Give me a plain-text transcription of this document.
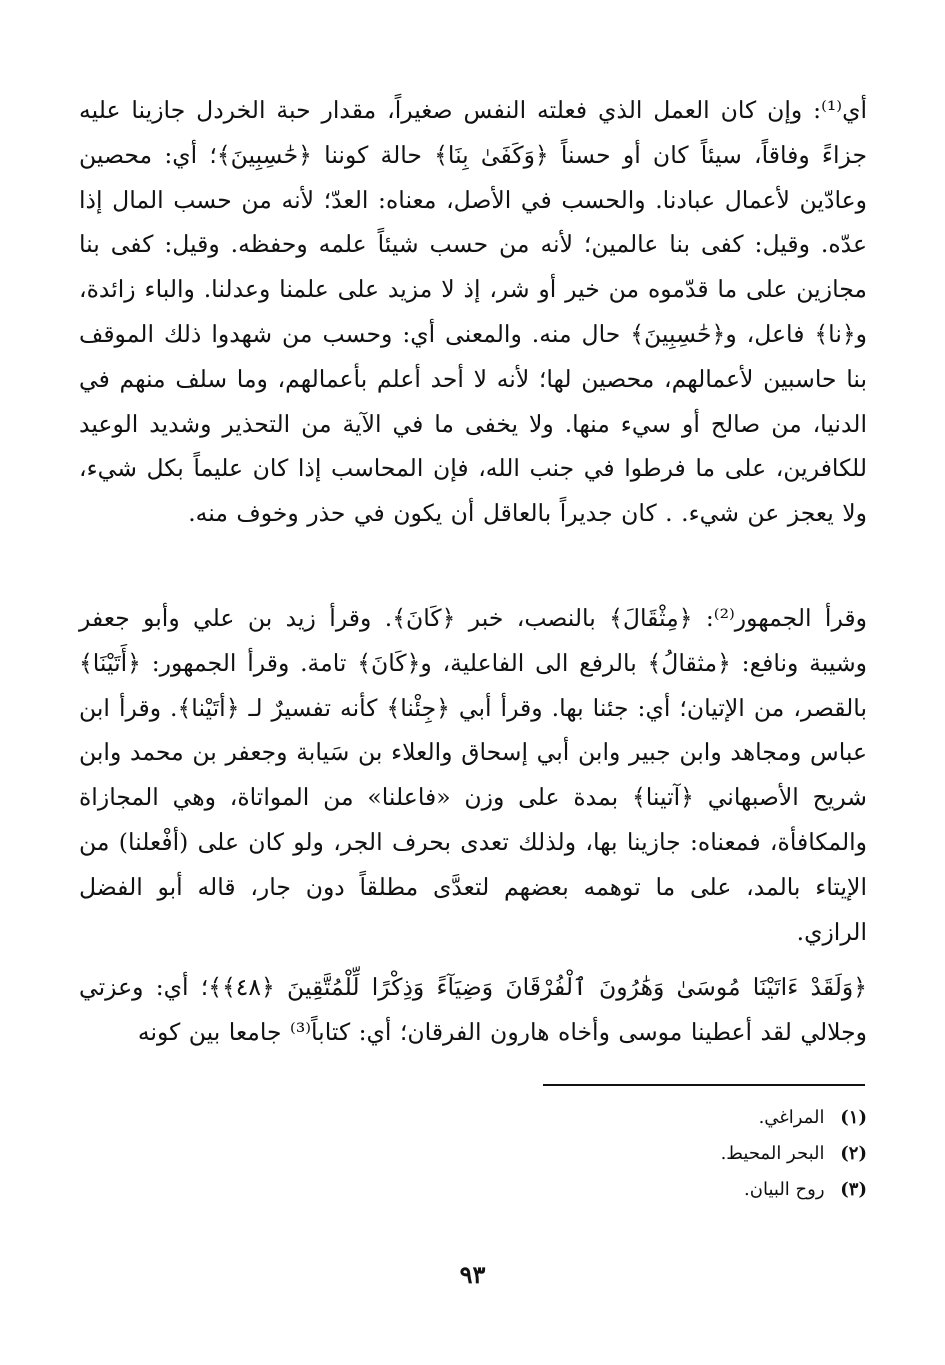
أي⁽¹⁾: وإن كان العمل الذي فعلته النفس صغيراً، مقدار حبة الخردل جازينا عليه جزاءً وفاقاً، سيئاً كان أو حسناً ﴿وَكَفَىٰ بِنَا﴾ حالة كوننا ﴿حَٰسِبِينَ﴾؛ أي: محصين وعادّين لأعمال عبادنا. والحسب في الأصل، معناه: العدّ؛ لأنه من حسب المال إذا عدّه. وقيل: كفى بنا عالمين؛ لأنه من حسب شيئاً علمه وحفظه. وقيل: كفى بنا مجازين على ما قدّموه من خير أو شر، إذ لا مزيد على علمنا وعدلنا. والباء زائدة، و﴿نا﴾ فاعل، و﴿حَٰسِبِينَ﴾ حال منه. والمعنى أي: وحسب من شهدوا ذلك الموقف بنا حاسبين لأعمالهم، محصين لها؛ لأنه لا أحد أعلم بأعمالهم، وما سلف منهم في الدنيا، من صالح أو سيء منها. ولا يخفى ما في الآية من التحذير وشديد الوعيد للكافرين، على ما فرطوا في جنب الله، فإن المحاسب إذا كان عليماً بكل شيء، ولا يعجز عن شيء. . كان جديراً بالعاقل أن يكون في حذر وخوف منه.

وقرأ الجمهور⁽²⁾: ﴿مِثْقَالَ﴾ بالنصب، خبر ﴿كَانَ﴾. وقرأ زيد بن علي وأبو جعفر وشيبة ونافع: ﴿مثقالُ﴾ بالرفع الى الفاعلية، و﴿كَانَ﴾ تامة. وقرأ الجمهور: ﴿أَتَيْنَا﴾ بالقصر، من الإتيان؛ أي: جئنا بها. وقرأ أبي ﴿جِئْنا﴾ كأنه تفسيرٌ لـ ﴿أتَيْنا﴾. وقرأ ابن عباس ومجاهد وابن جبير وابن أبي إسحاق والعلاء بن سَيابة وجعفر بن محمد وابن شريح الأصبهاني ﴿آتينا﴾ بمدة على وزن «فاعلنا» من المواتاة، وهي المجازاة والمكافأة، فمعناه: جازينا بها، ولذلك تعدى بحرف الجر، ولو كان على (أفْعلنا) من الإيتاء بالمد، على ما توهمه بعضهم لتعدَّى مطلقاً دون جار، قاله أبو الفضل الرازي.

﴿وَلَقَدْ ءَاتَيْنَا مُوسَىٰ وَهَٰرُونَ ٱلْفُرْقَانَ وَضِيَآءً وَذِكْرًا لِّلْمُتَّقِينَ ﴿٤٨﴾﴾؛ أي: وعزتي وجلالي لقد أعطينا موسى وأخاه هارون الفرقان؛ أي: كتاباً⁽³⁾ جامعا بين كونه

(١) المراغي.
(٢) البحر المحيط.
(٣) روح البيان.
٩٣
